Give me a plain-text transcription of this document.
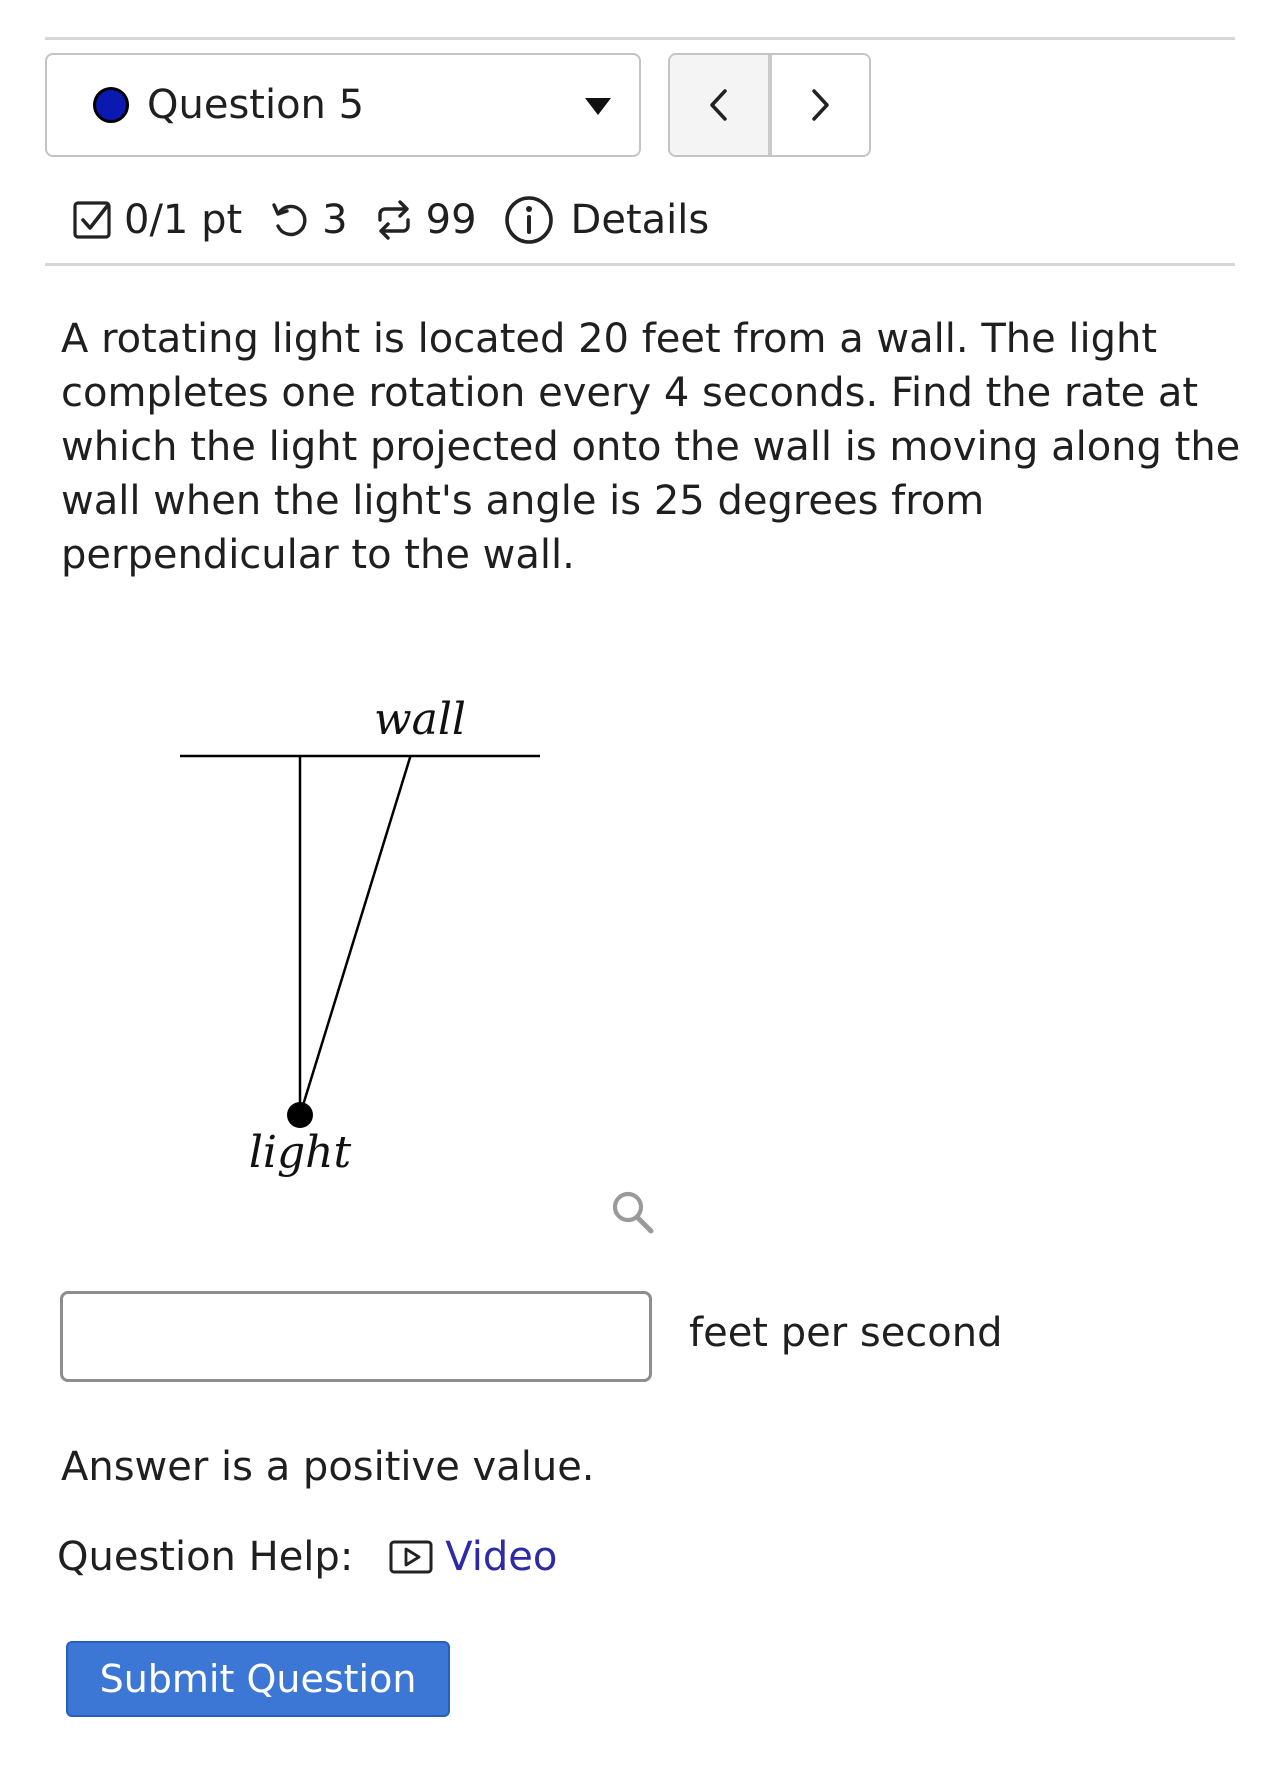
Question 5
0/1 pt 3 99 Details
A rotating light is located 20 feet from a wall. The light completes one rotation every 4 seconds. Find the rate at which the light projected onto the wall is moving along the wall when the light's angle is 25 degrees from perpendicular to the wall.
wall
light
feet per second
Answer is a positive value.
Question Help: Video
Submit Question
